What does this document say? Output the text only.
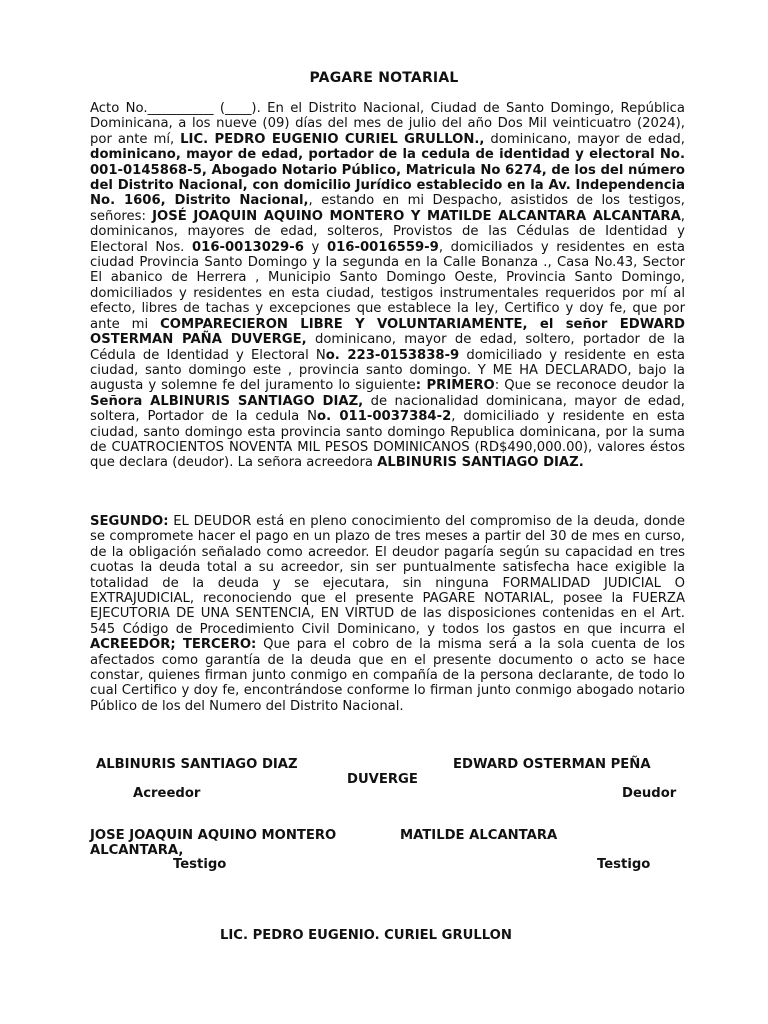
PAGARE NOTARIAL
Acto No.__________ (____). En el Distrito Nacional, Ciudad de Santo Domingo, República Dominicana, a los nueve (09) días del mes de julio del año Dos Mil veinticuatro (2024), por ante mí, LIC. PEDRO EUGENIO CURIEL GRULLON., dominicano, mayor de edad, dominicano, mayor de edad, portador de la cedula de identidad y electoral No. 001-0145868-5, Abogado Notario Público, Matricula No 6274, de los del número del Distrito Nacional, con domicilio Jurídico establecido en la Av. Independencia No. 1606, Distrito Nacional,, estando en mi Despacho, asistidos de los testigos, señores: JOSÉ JOAQUIN AQUINO MONTERO Y MATILDE ALCANTARA ALCANTARA, dominicanos, mayores de edad, solteros, Provistos de las Cédulas de Identidad y Electoral Nos. 016-0013029-6 y 016-0016559-9, domiciliados y residentes en esta ciudad Provincia Santo Domingo y la segunda en la Calle Bonanza ., Casa No.43, Sector El abanico de Herrera , Municipio Santo Domingo Oeste, Provincia Santo Domingo, domiciliados y residentes en esta ciudad, testigos instrumentales requeridos por mí al efecto, libres de tachas y excepciones que establece la ley, Certifico y doy fe, que por ante mi COMPARECIERON LIBRE Y VOLUNTARIAMENTE, el señor EDWARD OSTERMAN PAÑA DUVERGE, dominicano, mayor de edad, soltero, portador de la Cédula de Identidad y Electoral No. 223-0153838-9 domiciliado y residente en esta ciudad, santo domingo este , provincia santo domingo. Y ME HA DECLARADO, bajo la augusta y solemne fe del juramento lo siguiente: PRIMERO: Que se reconoce deudor la Señora ALBINURIS SANTIAGO DIAZ, de nacionalidad dominicana, mayor de edad, soltera, Portador de la cedula No. 011-0037384-2, domiciliado y residente en esta ciudad, santo domingo esta provincia santo domingo Republica dominicana, por la suma de CUATROCIENTOS NOVENTA MIL PESOS DOMINICANOS (RD$490,000.00), valores éstos que declara (deudor). La señora acreedora ALBINURIS SANTIAGO DIAZ.
SEGUNDO: EL DEUDOR está en pleno conocimiento del compromiso de la deuda, donde se compromete hacer el pago en un plazo de tres meses a partir del 30 de mes en curso, de la obligación señalado como acreedor. El deudor pagaría según su capacidad en tres cuotas la deuda total a su acreedor, sin ser puntualmente satisfecha hace exigible la totalidad de la deuda y se ejecutara, sin ninguna FORMALIDAD JUDICIAL O EXTRAJUDICIAL, reconociendo que el presente PAGARE NOTARIAL, posee la FUERZA EJECUTORIA DE UNA SENTENCIA, EN VIRTUD de las disposiciones contenidas en el Art. 545 Código de Procedimiento Civil Dominicano, y todos los gastos en que incurra el ACREEDOR; TERCERO: Que para el cobro de la misma será a la sola cuenta de los afectados como garantía de la deuda que en el presente documento o acto se hace constar, quienes firman junto conmigo en compañía de la persona declarante, de todo lo cual Certifico y doy fe, encontrándose conforme lo firman junto conmigo abogado notario Público de los del Numero del Distrito Nacional.
ALBINURIS SANTIAGO DIAZ	EDWARD OSTERMAN PEÑA
DUVERGE
Acreedor	Deudor
JOSE JOAQUIN AQUINO MONTERO	MATILDE ALCANTARA
ALCANTARA,
Testigo	Testigo
LIC. PEDRO EUGENIO. CURIEL GRULLON
